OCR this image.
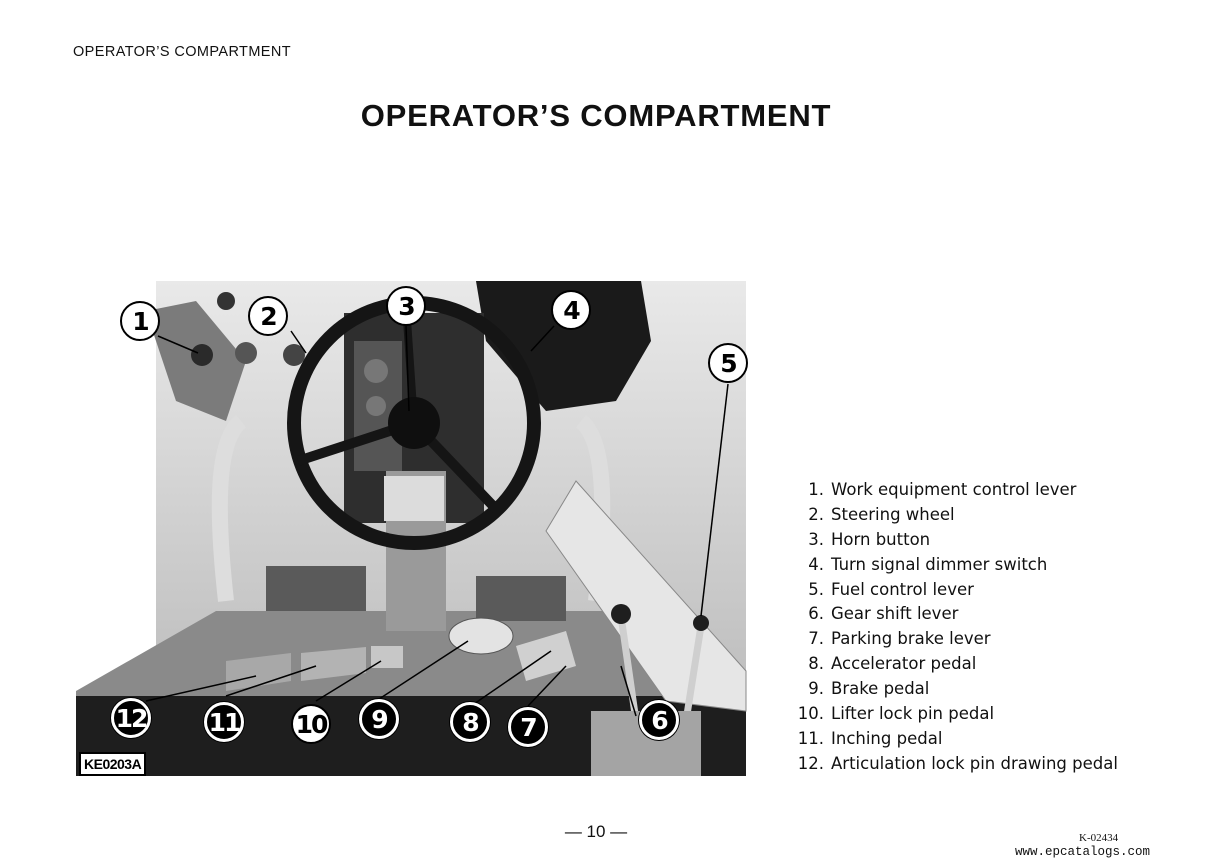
OPERATOR’S COMPARTMENT
OPERATOR’S COMPARTMENT
1	2	3	4
5
6
7
8
9
10
11
12
KE0203A
1. Work equipment control lever
2. Steering wheel
3. Horn button
4. Turn signal dimmer switch
5. Fuel control lever
6. Gear shift lever
7. Parking brake lever
8. Accelerator pedal
9. Brake pedal
10. Lifter lock pin pedal
11. Inching pedal
12. Articulation lock pin drawing pedal
— 10 —	K-02434
www.epcatalogs.com
